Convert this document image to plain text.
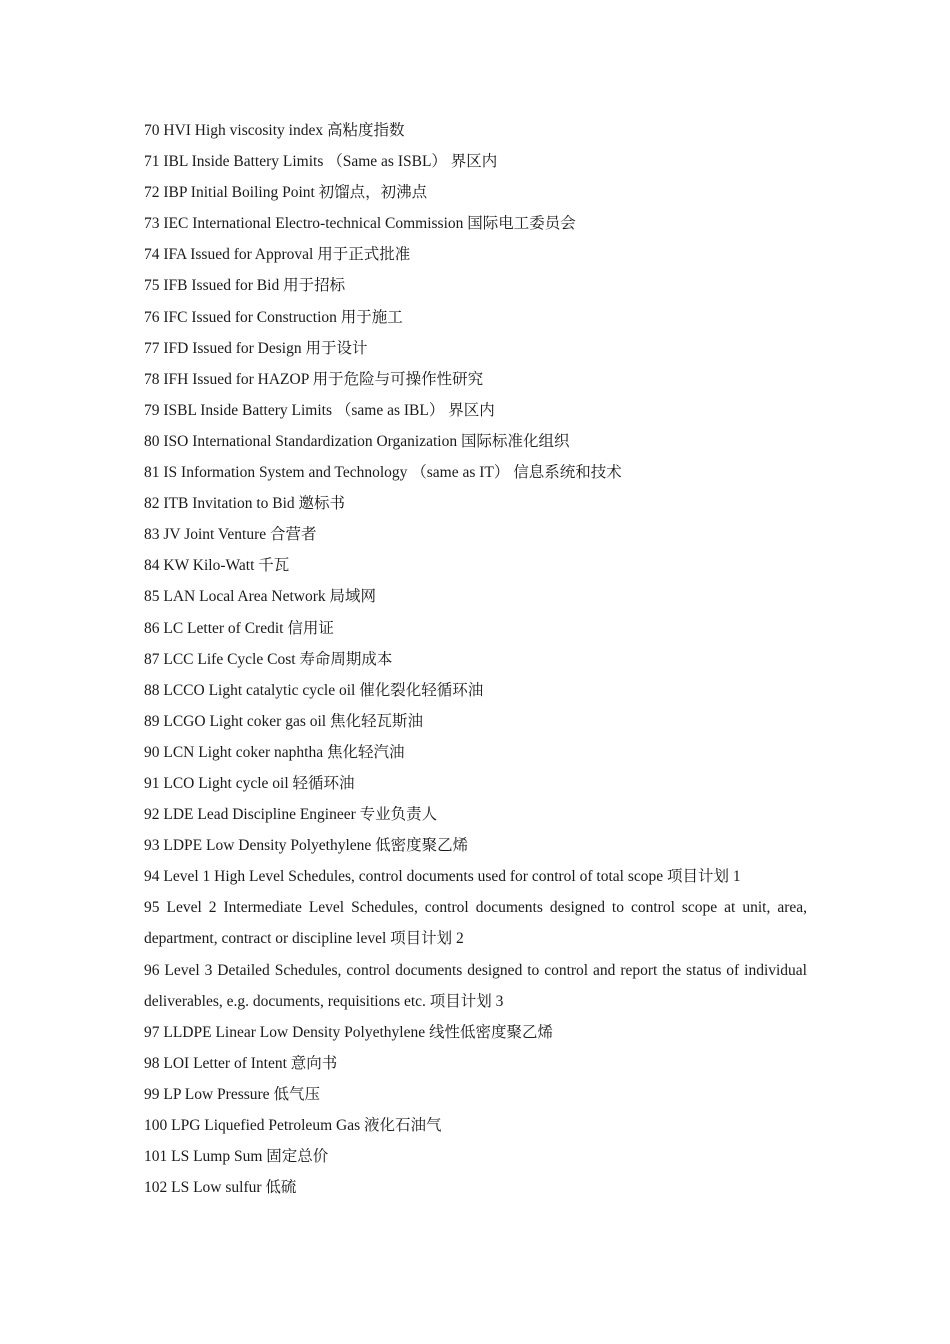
70 HVI High viscosity index 高粘度指数
71 IBL Inside Battery Limits （Same as ISBL） 界区内
72 IBP Initial Boiling Point 初馏点，初沸点
73 IEC International Electro-technical Commission 国际电工委员会
74 IFA Issued for Approval 用于正式批准
75 IFB Issued for Bid 用于招标
76 IFC Issued for Construction 用于施工
77 IFD Issued for Design 用于设计
78 IFH Issued for HAZOP 用于危险与可操作性研究
79 ISBL Inside Battery Limits （same as IBL） 界区内
80 ISO International Standardization Organization 国际标准化组织
81 IS Information System and Technology （same as IT） 信息系统和技术
82 ITB Invitation to Bid 邀标书
83 JV Joint Venture 合营者
84 KW Kilo-Watt 千瓦
85 LAN Local Area Network 局域网
86 LC Letter of Credit 信用证
87 LCC Life Cycle Cost 寿命周期成本
88 LCCO Light catalytic cycle oil 催化裂化轻循环油
89 LCGO Light coker gas oil 焦化轻瓦斯油
90 LCN Light coker naphtha 焦化轻汽油
91 LCO Light cycle oil 轻循环油
92 LDE Lead Discipline Engineer 专业负责人
93 LDPE Low Density Polyethylene 低密度聚乙烯
94 Level 1 High Level Schedules, control documents used for control of total scope 项目计划 1
95 Level 2 Intermediate Level Schedules, control documents designed to control scope at unit, area, department, contract or discipline level 项目计划 2
96 Level 3 Detailed Schedules, control documents designed to control and report the status of individual deliverables, e.g. documents, requisitions etc. 项目计划 3
97 LLDPE Linear Low Density Polyethylene 线性低密度聚乙烯
98 LOI Letter of Intent 意向书
99 LP Low Pressure 低气压
100 LPG Liquefied Petroleum Gas 液化石油气
101 LS Lump Sum 固定总价
102 LS Low sulfur 低硫
